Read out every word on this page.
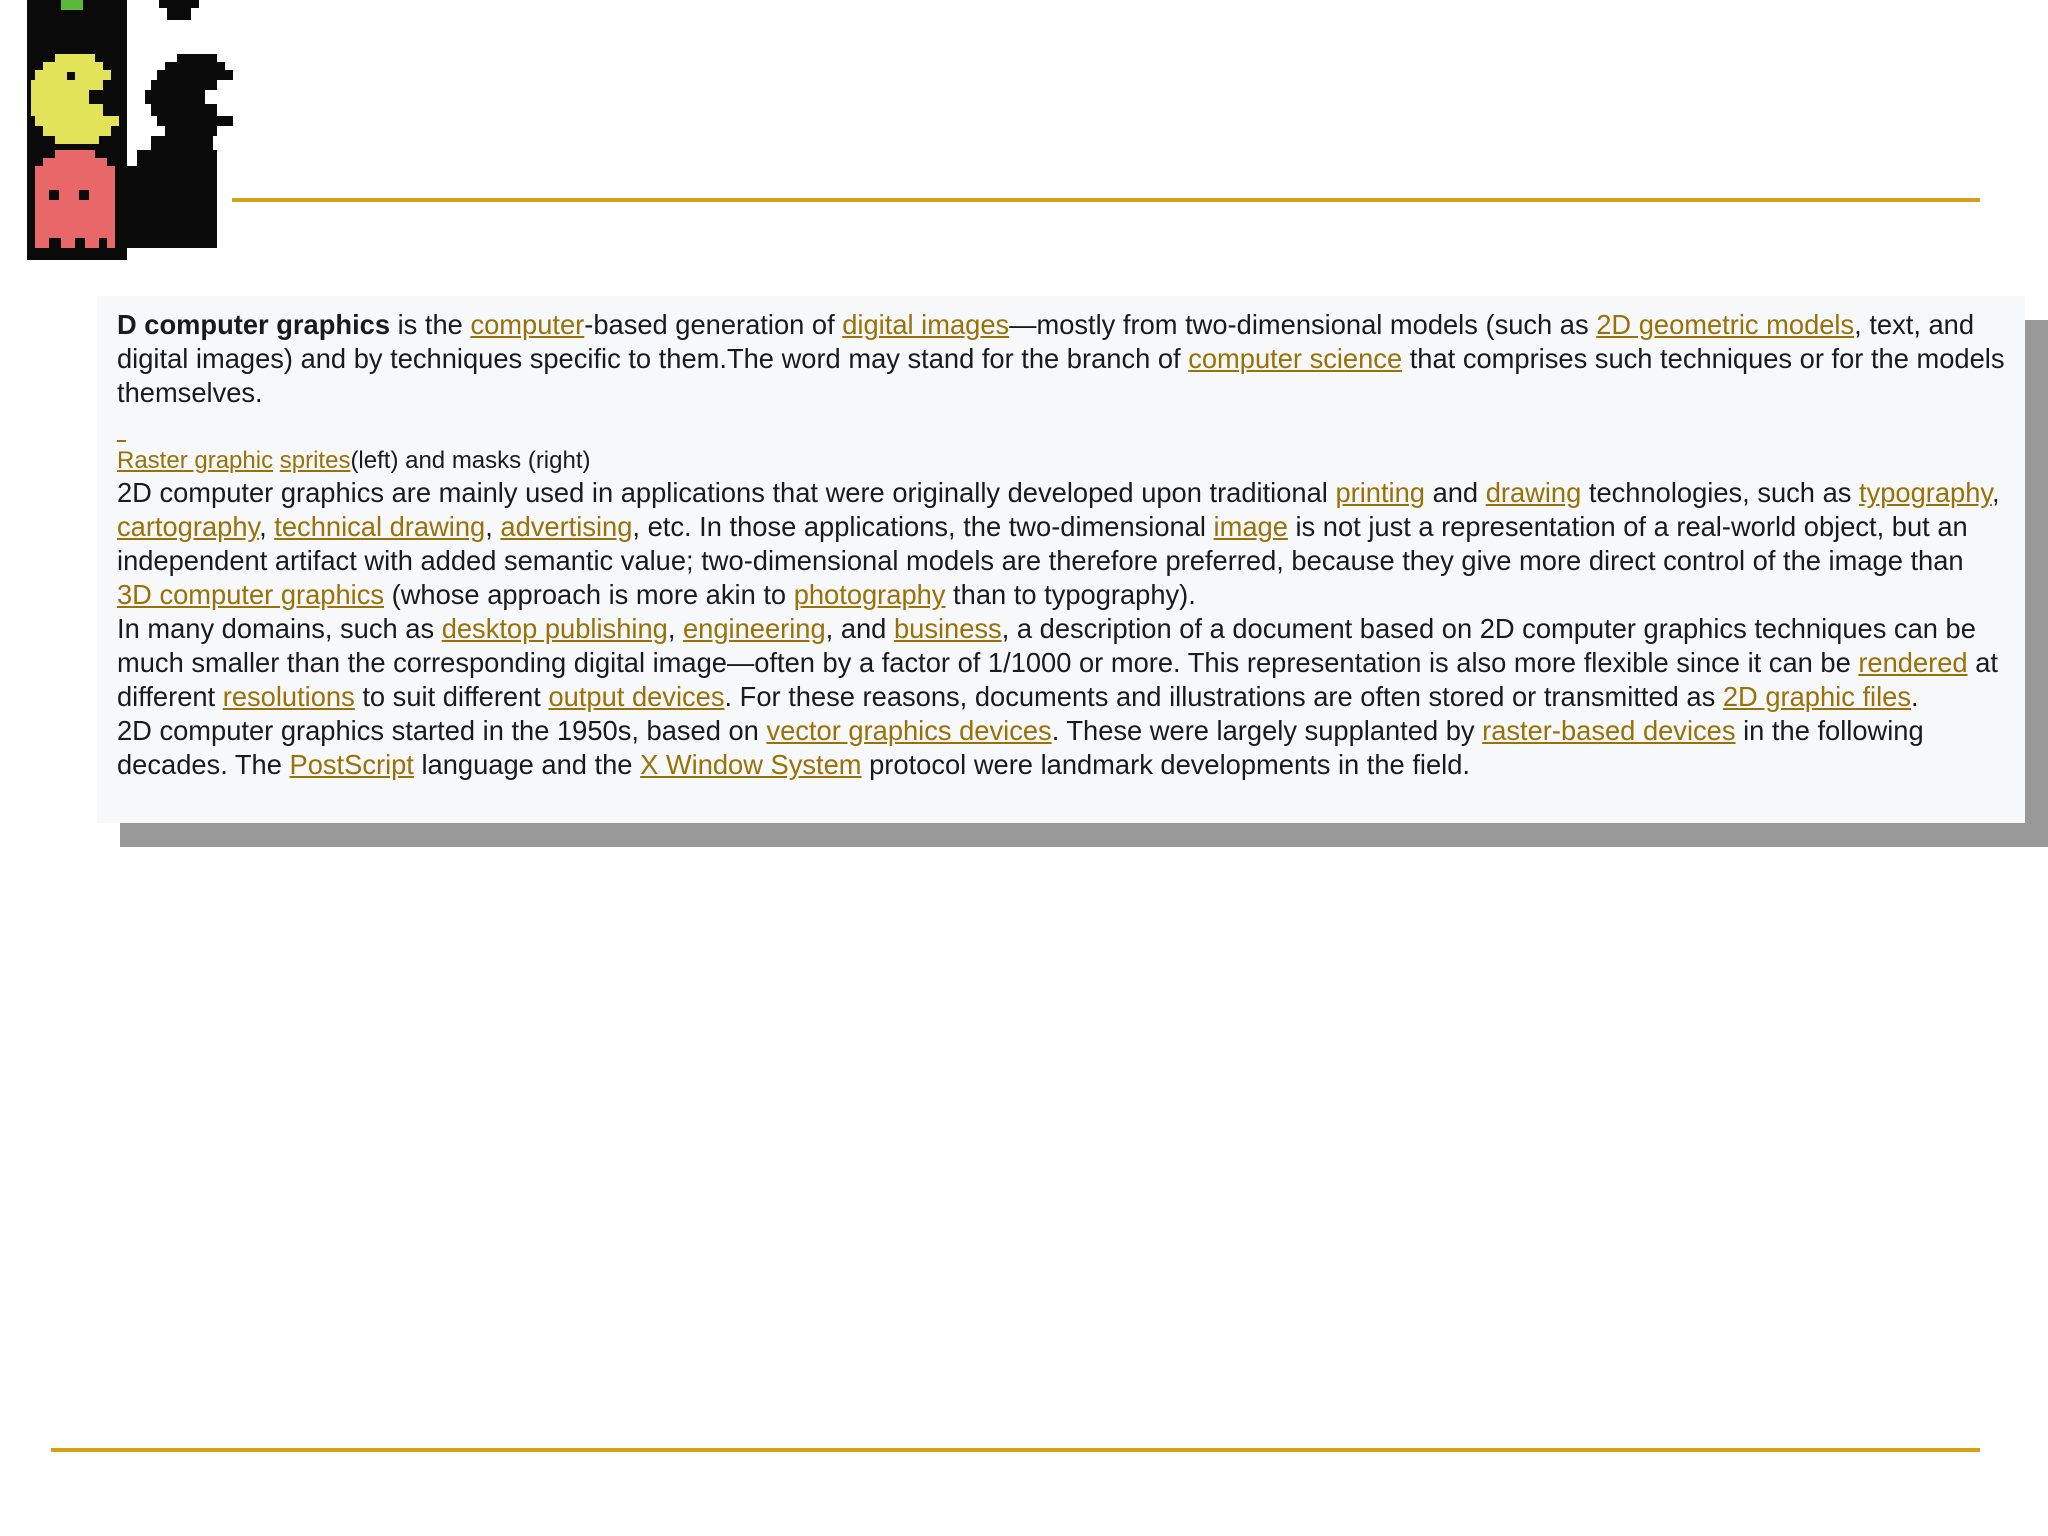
D computer graphics is the computer-based generation of digital images—mostly from two-dimensional models (such as 2D geometric models, text, and digital images) and by techniques specific to them.The word may stand for the branch of computer science that comprises such techniques or for the models themselves.

_

Raster graphic sprites(left) and masks (right)

2D computer graphics are mainly used in applications that were originally developed upon traditional printing and drawing technologies, such as typography, cartography, technical drawing, advertising, etc. In those applications, the two-dimensional image is not just a representation of a real-world object, but an independent artifact with added semantic value; two-dimensional models are therefore preferred, because they give more direct control of the image than 3D computer graphics (whose approach is more akin to photography than to typography).

In many domains, such as desktop publishing, engineering, and business, a description of a document based on 2D computer graphics techniques can be much smaller than the corresponding digital image—often by a factor of 1/1000 or more. This representation is also more flexible since it can be rendered at different resolutions to suit different output devices. For these reasons, documents and illustrations are often stored or transmitted as 2D graphic files.

2D computer graphics started in the 1950s, based on vector graphics devices. These were largely supplanted by raster-based devices in the following decades. The PostScript language and the X Window System protocol were landmark developments in the field.
